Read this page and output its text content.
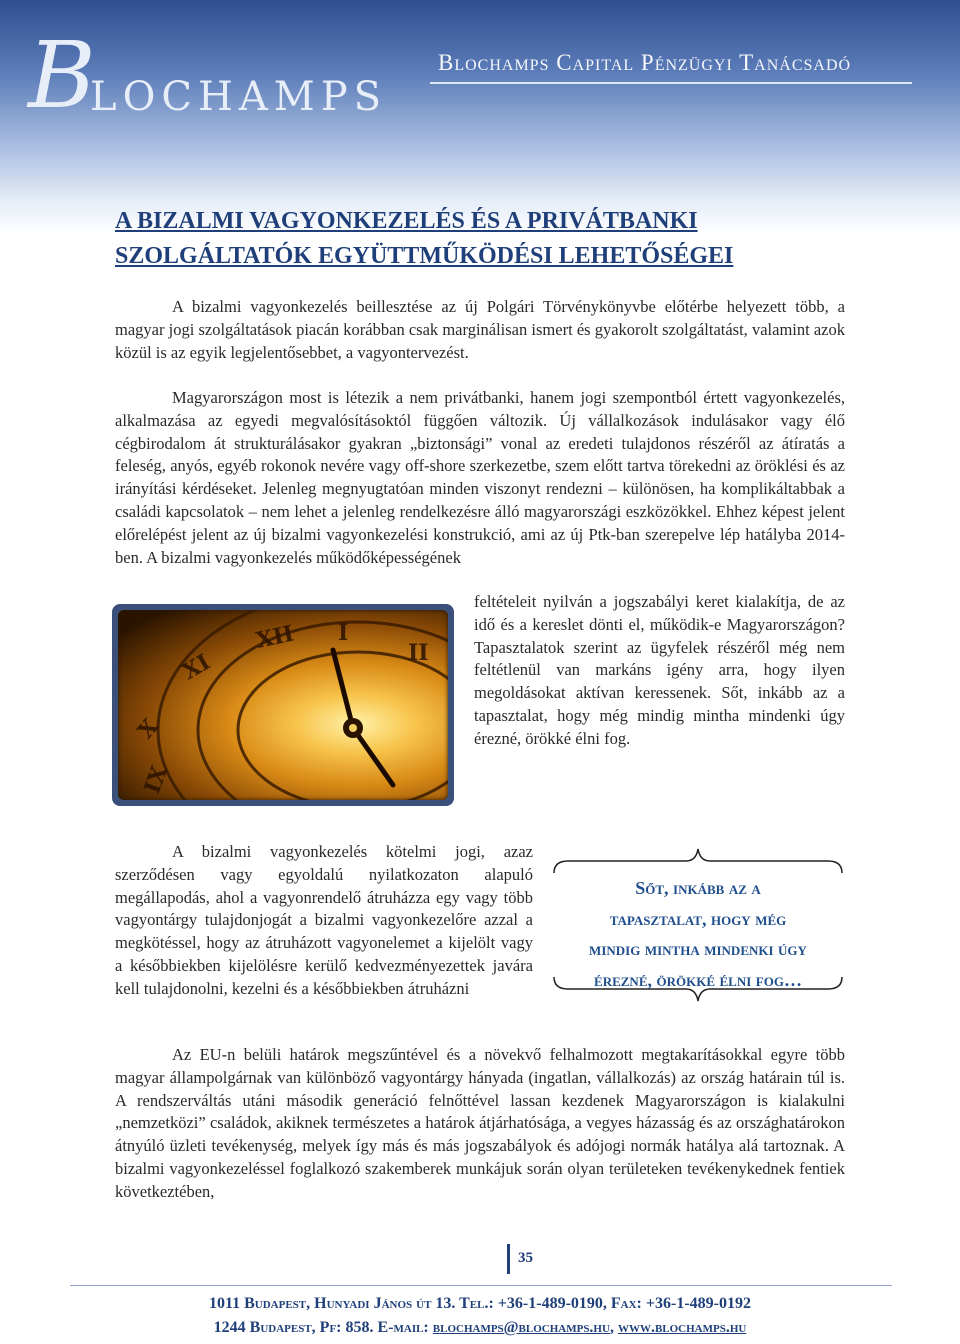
B
LOCHAMPS
Blochamps Capital Pénzügyi Tanácsadó
A BIZALMI VAGYONKEZELÉS ÉS A PRIVÁTBANKI SZOLGÁLTATÓK EGYÜTTMŰKÖDÉSI LEHETŐSÉGEI

A bizalmi vagyonkezelés beillesztése az új Polgári Törvénykönyvbe előtérbe helyezett több, a magyar jogi szolgáltatások piacán korábban csak marginálisan ismert és gyakorolt szolgáltatást, valamint azok közül is az egyik legjelentősebbet, a vagyontervezést.

Magyarországon most is létezik a nem privátbanki, hanem jogi szempontból értett vagyonkezelés, alkalmazása az egyedi megvalósításoktól függően változik. Új vállalkozások indulásakor vagy élő cégbirodalom át strukturálásakor gyakran „biztonsági” vonal az eredeti tulajdonos részéről az átíratás a feleség, anyós, egyéb rokonok nevére vagy off-shore szerkezetbe, szem előtt tartva törekedni az öröklési és az irányítási kérdéseket. Jelenleg megnyugtatóan minden viszonyt rendezni – különösen, ha komplikáltabbak a családi kapcsolatok – nem lehet a jelenleg rendelkezésre álló magyarországi eszközökkel. Ehhez képest jelent előrelépést jelent az új bizalmi vagyonkezelési konstrukció, ami az új Ptk-ban szerepelve lép hatályba 2014-ben. A bizalmi vagyonkezelés működőképességének

feltételeit nyilván a jogszabályi keret kialakítja, de az idő és a kereslet dönti el, működik-e Magyarországon? Tapasztalatok szerint az ügyfelek részéről még nem feltétlenül van markáns igény arra, hogy ilyen megoldásokat aktívan keressenek. Sőt, inkább az a tapasztalat, hogy még mindig mintha mindenki úgy érezné, örökké élni fog.

XI
XII
X
IX
I
II

Sőt, inkább az a
tapasztalat, hogy még
mindig mintha mindenki úgy
érezné, örökké élni fog…

A bizalmi vagyonkezelés kötelmi jogi, azaz szerződésen vagy egyoldalú nyilatkozaton alapuló megállapodás, ahol a vagyonrendelő átruházza egy vagy több vagyontárgy tulajdonjogát a bizalmi vagyonkezelőre azzal a megkötéssel, hogy az átruházott vagyonelemet a kijelölt vagy a későbbiekben kijelölésre kerülő kedvezményezettek javára kell tulajdonolni, kezelni és a későbbiekben átruházni

Az EU-n belüli határok megszűntével és a növekvő felhalmozott megtakarításokkal egyre több magyar állampolgárnak van különböző vagyontárgy hányada (ingatlan, vállalkozás) az ország határain túl is. A rendszerváltás utáni második generáció felnőttével lassan kezdenek Magyarországon is kialakulni „nemzetközi” családok, akiknek természetes a határok átjárhatósága, a vegyes házasság és az országhatárokon átnyúló üzleti tevékenység, melyek így más és más jogszabályok és adójogi normák hatálya alá tartoznak. A bizalmi vagyonkezeléssel foglalkozó szakemberek munkájuk során olyan területeken tevékenykednek fentiek következtében,

35
1011 Budapest, Hunyadi János út 13. Tel.: +36-1-489-0190, Fax: +36-1-489-0192
1244 Budapest, Pf: 858. E-mail: blochamps@blochamps.hu, www.blochamps.hu
